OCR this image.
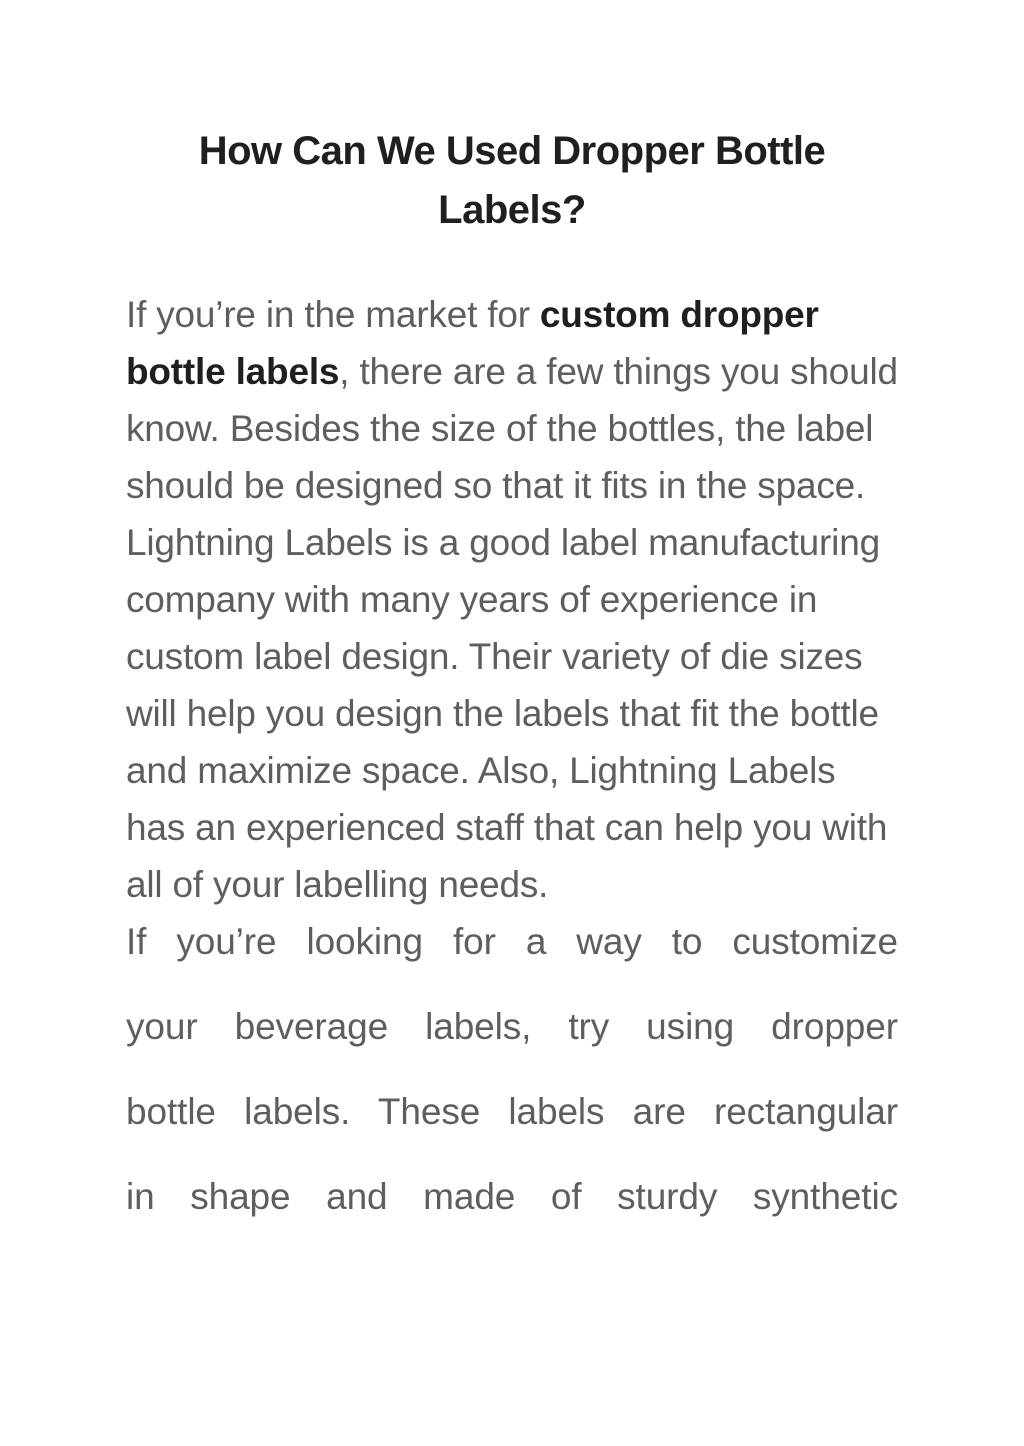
How Can We Used Dropper Bottle Labels?

If you’re in the market for custom dropper bottle labels, there are a few things you should know. Besides the size of the bottles, the label should be designed so that it fits in the space. Lightning Labels is a good label manufacturing company with many years of experience in custom label design. Their variety of die sizes will help you design the labels that fit the bottle and maximize space. Also, Lightning Labels has an experienced staff that can help you with all of your labelling needs.

If you’re looking for a way to customize
your beverage labels, try using dropper
bottle labels. These labels are rectangular
in shape and made of sturdy synthetic
